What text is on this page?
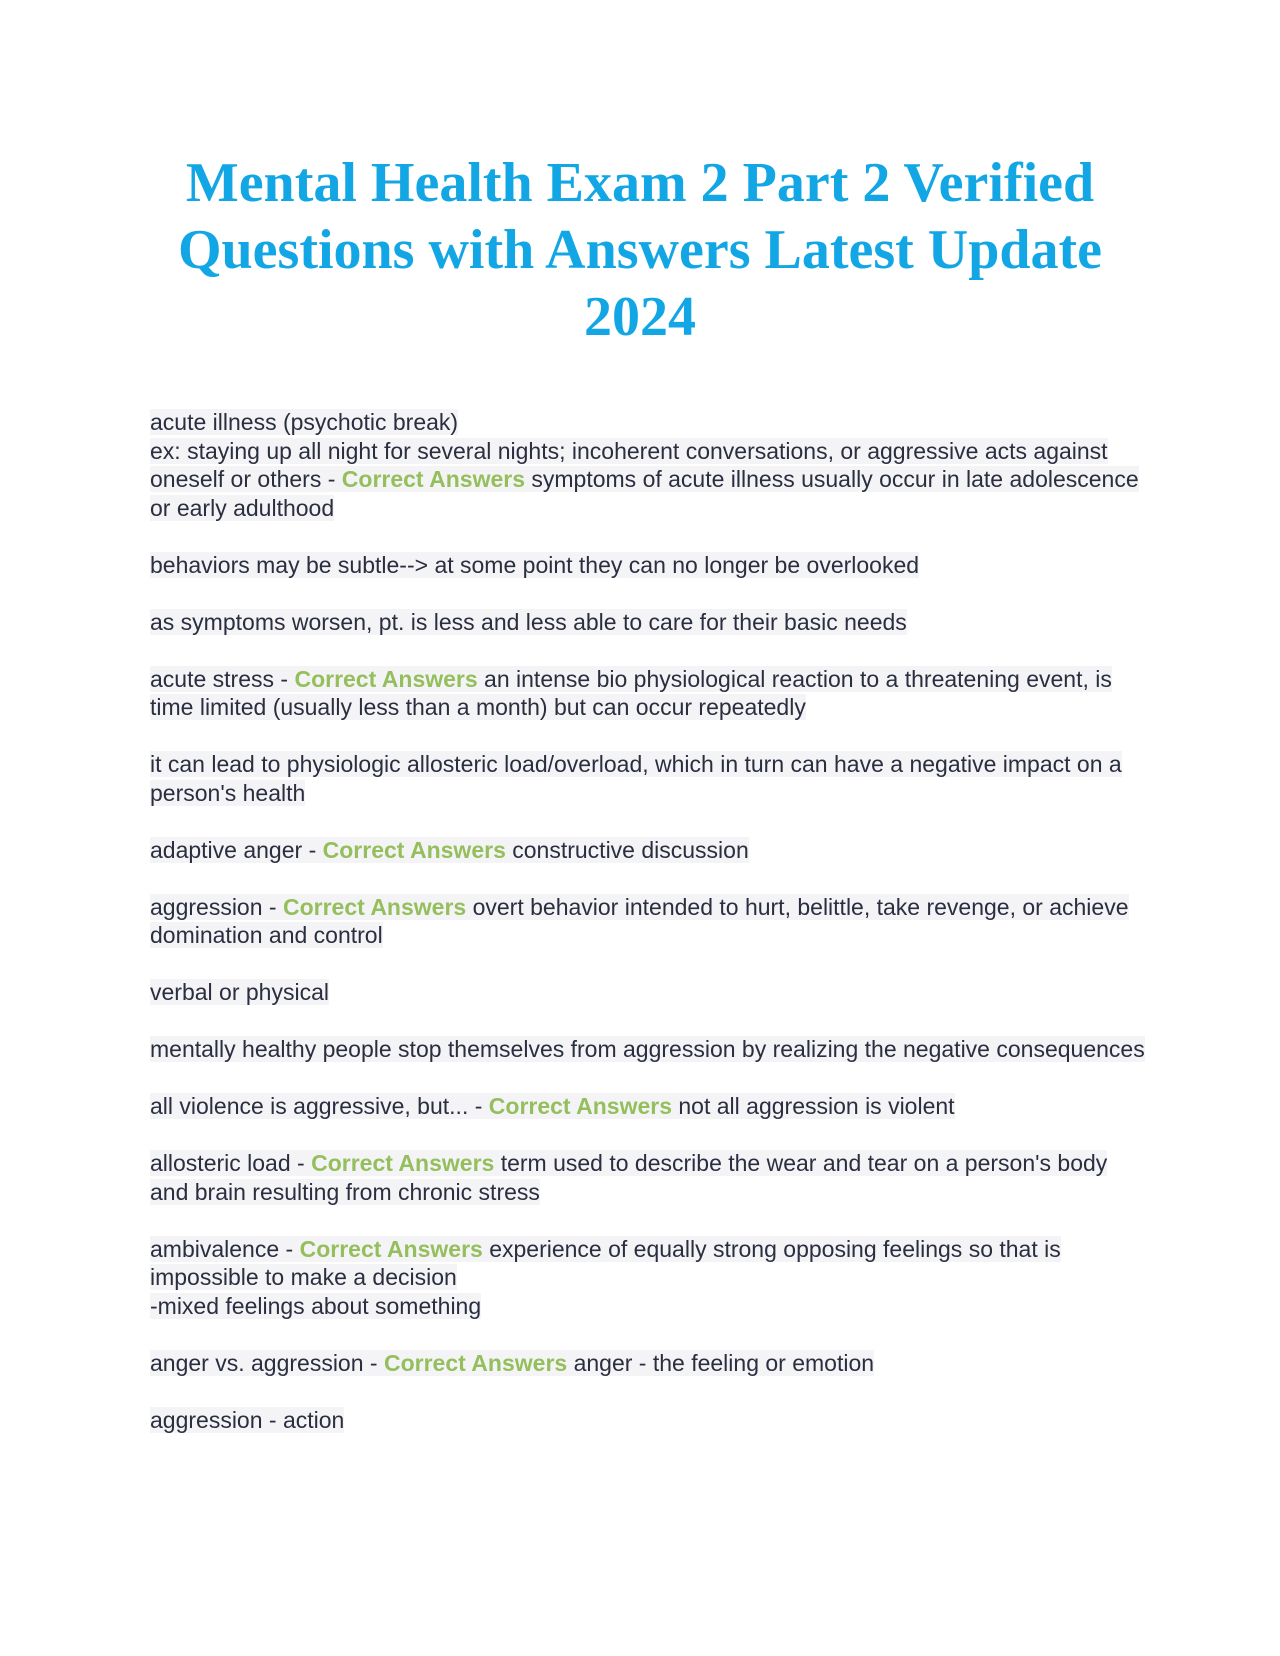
Mental Health Exam 2 Part 2 Verified Questions with Answers Latest Update 2024

acute illness (psychotic break)
ex: staying up all night for several nights; incoherent conversations, or aggressive acts against oneself or others - Correct Answers symptoms of acute illness usually occur in late adolescence or early adulthood

behaviors may be subtle--> at some point they can no longer be overlooked

as symptoms worsen, pt. is less and less able to care for their basic needs

acute stress - Correct Answers an intense bio physiological reaction to a threatening event, is time limited (usually less than a month) but can occur repeatedly

it can lead to physiologic allosteric load/overload, which in turn can have a negative impact on a person's health

adaptive anger - Correct Answers constructive discussion

aggression - Correct Answers overt behavior intended to hurt, belittle, take revenge, or achieve domination and control

verbal or physical

mentally healthy people stop themselves from aggression by realizing the negative consequences

all violence is aggressive, but... - Correct Answers not all aggression is violent

allosteric load - Correct Answers term used to describe the wear and tear on a person's body and brain resulting from chronic stress

ambivalence - Correct Answers experience of equally strong opposing feelings so that is impossible to make a decision
-mixed feelings about something

anger vs. aggression - Correct Answers anger - the feeling or emotion

aggression - action
